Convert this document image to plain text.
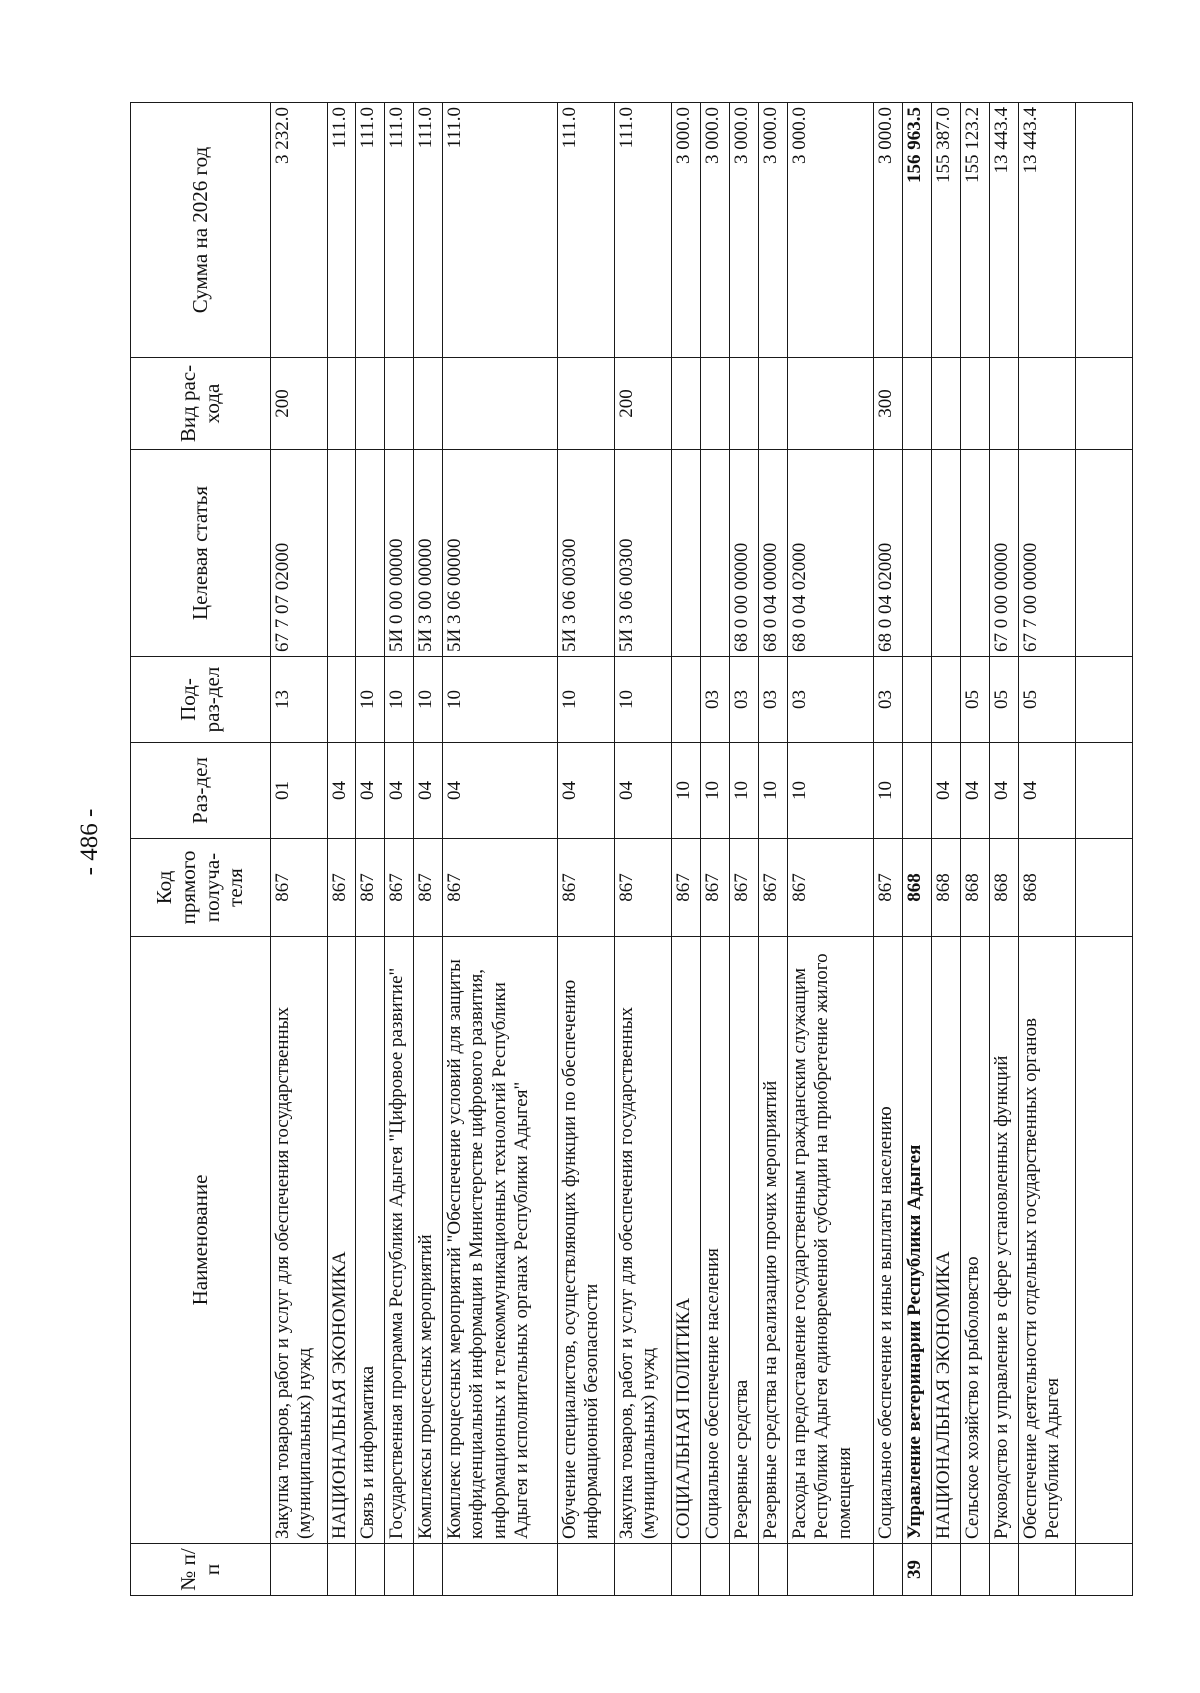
- 486 -
№ п/п	Наименование	Код прямого получа-теля	Раз-дел	Под-раз-дел	Целевая статья	Вид рас-хода	Сумма на 2026 год
	Закупка товаров, работ и услуг для обеспечения государственных (муниципальных) нужд	867	01	13	67 7 07 02000	200	3 232.0
	НАЦИОНАЛЬНАЯ ЭКОНОМИКА	867	04				111.0
	Связь и информатика	867	04	10			111.0
	Государственная программа Республики Адыгея "Цифровое развитие"	867	04	10	5И 0 00 00000		111.0
	Комплексы процессных мероприятий	867	04	10	5И 3 00 00000		111.0
	Комплекс процессных мероприятий "Обеспечение условий для защиты конфиденциальной информации в Министерстве цифрового развития, информационных и телекоммуникационных технологий Республики Адыгея и исполнительных органах Республики Адыгея"	867	04	10	5И 3 06 00000		111.0
	Обучение специалистов, осуществляющих функции по обеспечению информационной безопасности	867	04	10	5И 3 06 00300		111.0
	Закупка товаров, работ и услуг для обеспечения государственных (муниципальных) нужд	867	04	10	5И 3 06 00300	200	111.0
	СОЦИАЛЬНАЯ ПОЛИТИКА	867	10				3 000.0
	Социальное обеспечение населения	867	10	03			3 000.0
	Резервные средства	867	10	03	68 0 00 00000		3 000.0
	Резервные средства на реализацию прочих мероприятий	867	10	03	68 0 04 00000		3 000.0
	Расходы на предоставление государственным гражданским служащим Республики Адыгея единовременной субсидии на приобретение жилого помещения	867	10	03	68 0 04 02000		3 000.0
	Социальное обеспечение и иные выплаты населению	867	10	03	68 0 04 02000	300	3 000.0
39	Управление ветеринарии Республики Адыгея	868					156 963.5
	НАЦИОНАЛЬНАЯ ЭКОНОМИКА	868	04				155 387.0
	Сельское хозяйство и рыболовство	868	04	05			155 123.2
	Руководство и управление в сфере установленных функций	868	04	05	67 0 00 00000		13 443.4
	Обеспечение деятельности отдельных государственных органов Республики Адыгея	868	04	05	67 7 00 00000		13 443.4
